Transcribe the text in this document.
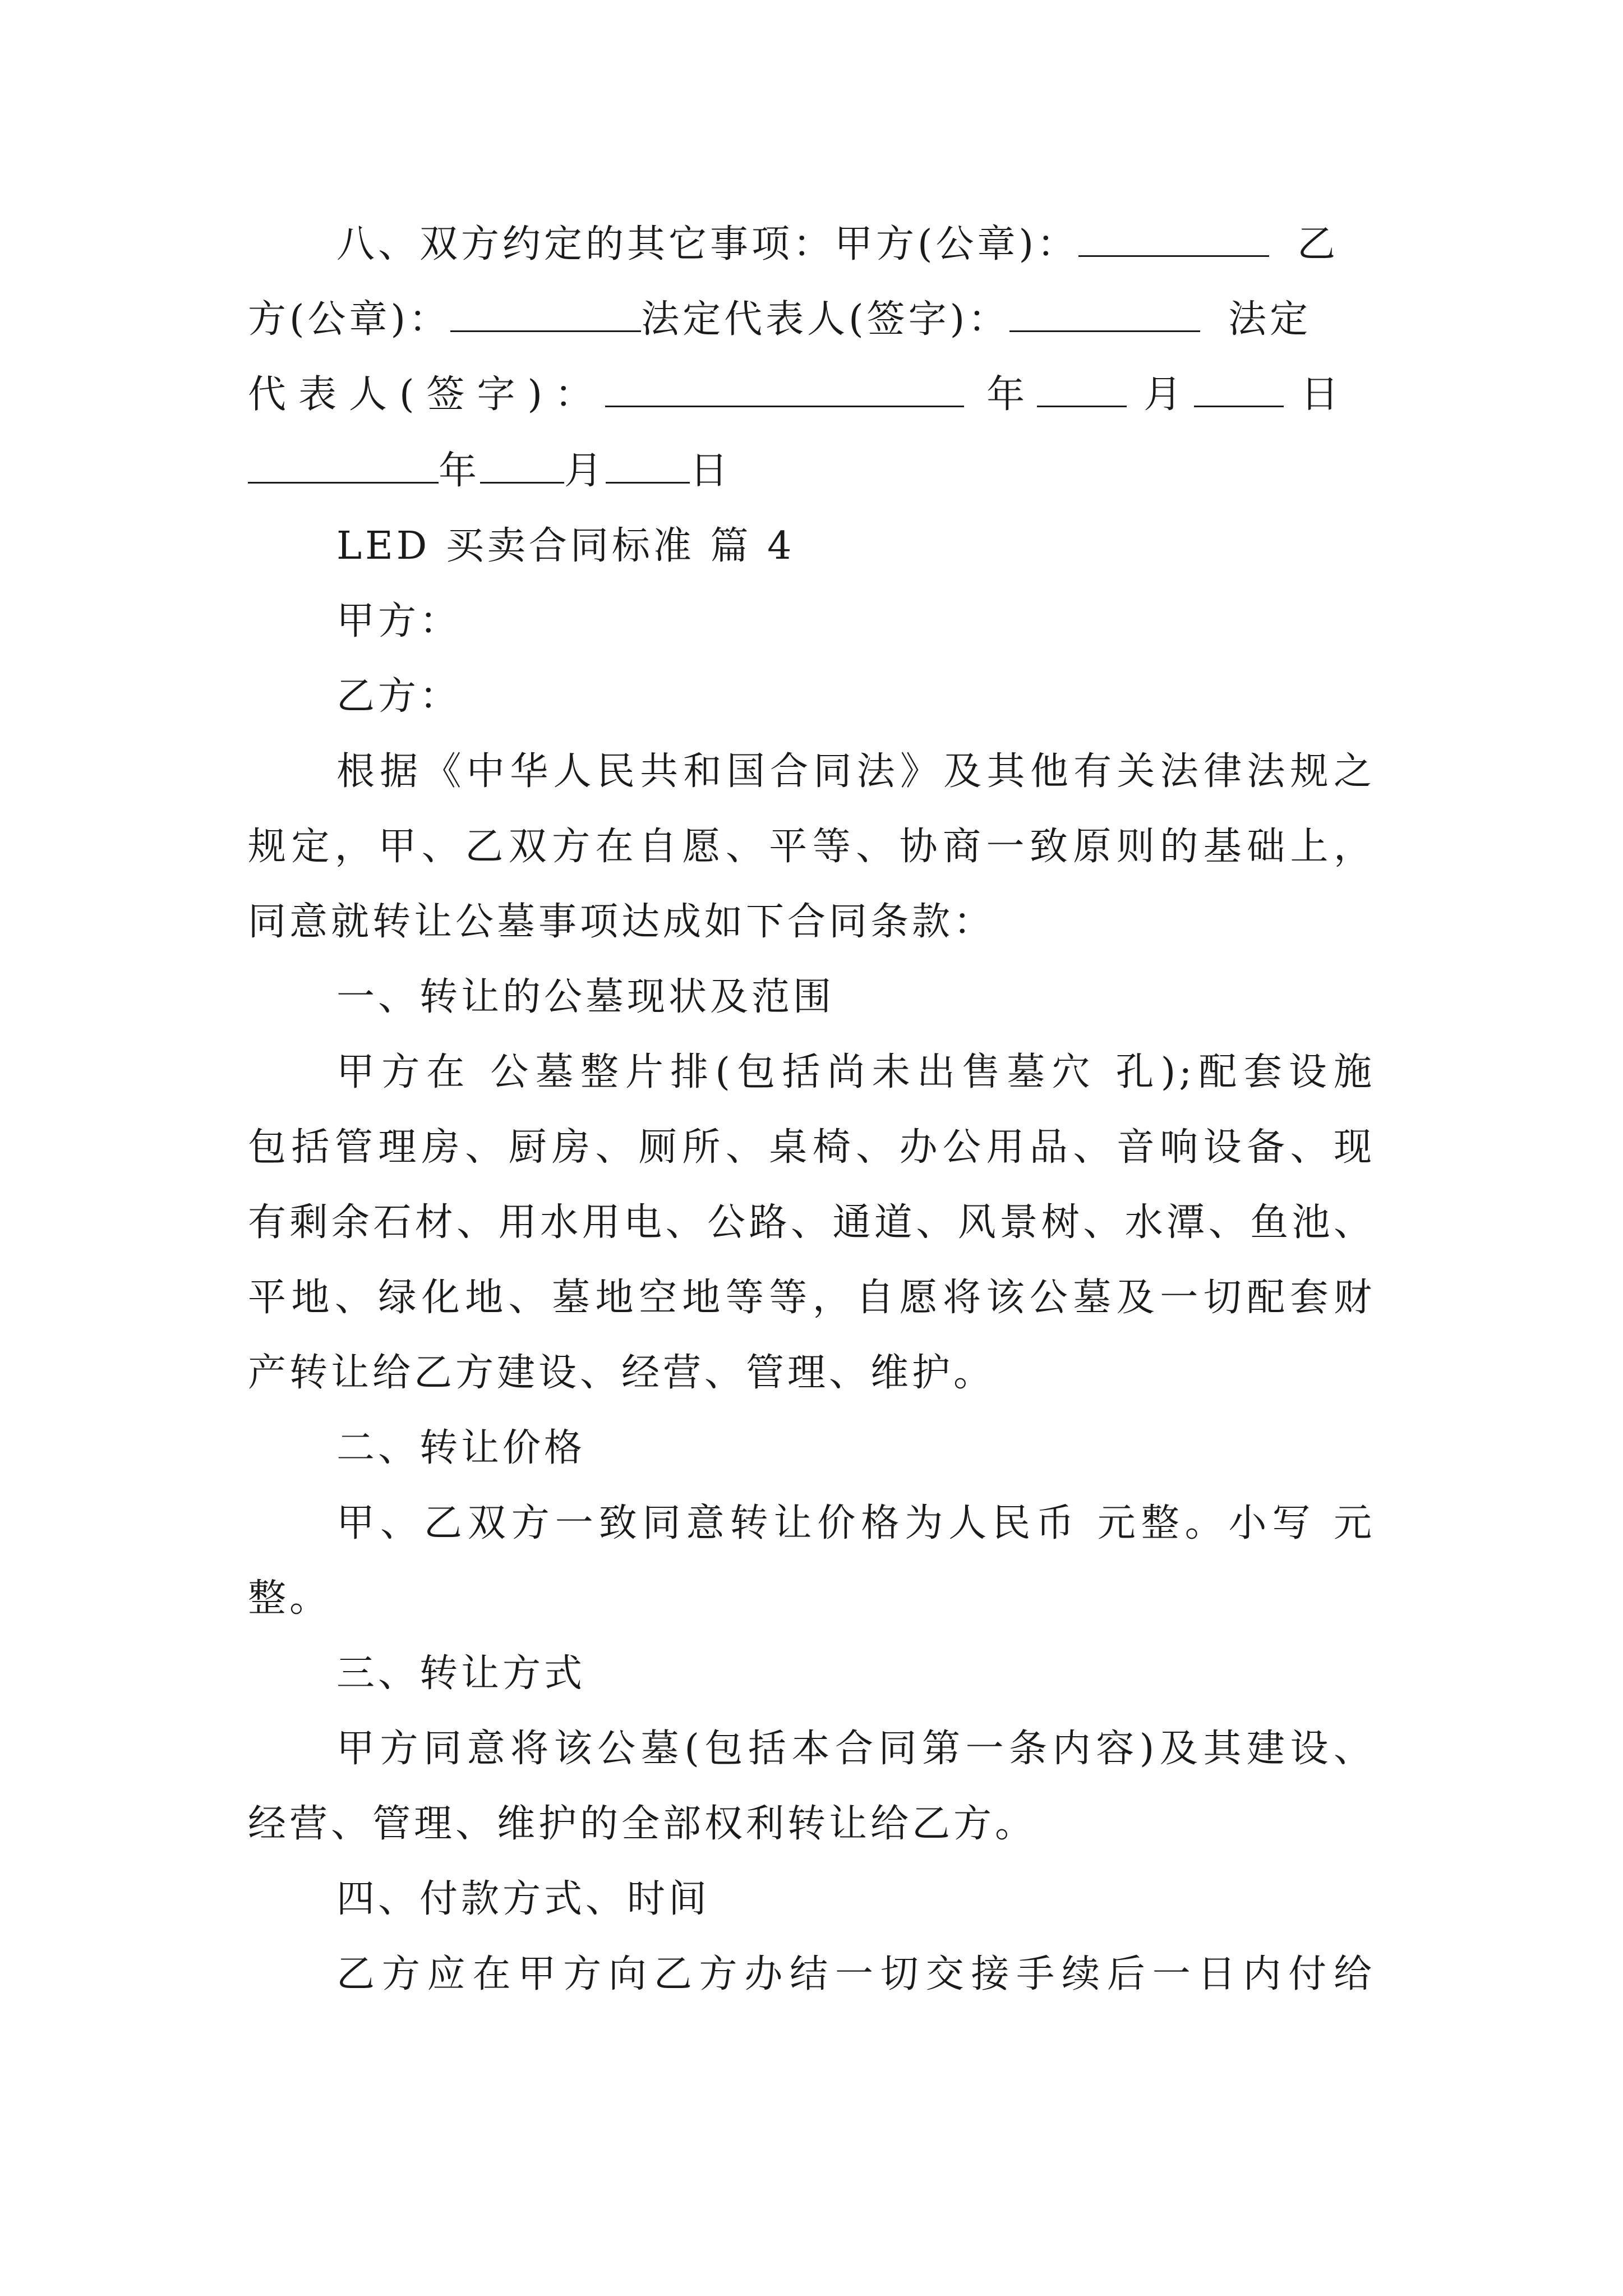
八、双方约定的其它事项：甲方(公章)：	乙
方(公章)：	法定代表人(签字)：	法定
代表人(签字)：	年	月	日
年 月 日
LED 买卖合同标准 篇 4
甲方：
乙方：
根据《中华人民共和国合同法》及其他有关法律法规之
规定，甲、乙双方在自愿、平等、协商一致原则的基础上，
同意就转让公墓事项达成如下合同条款：
一、转让的公墓现状及范围
甲方在 公墓整片排(包括尚未出售墓穴 孔);配套设施
包括管理房、厨房、厕所、桌椅、办公用品、音响设备、现
有剩余石材、用水用电、公路、通道、风景树、水潭、鱼池、
平地、绿化地、墓地空地等等，自愿将该公墓及一切配套财
产转让给乙方建设、经营、管理、维护。
二、转让价格
甲、乙双方一致同意转让价格为人民币 元整。小写 元
整。
三、转让方式
甲方同意将该公墓(包括本合同第一条内容)及其建设、
经营、管理、维护的全部权利转让给乙方。
四、付款方式、时间
乙方应在甲方向乙方办结一切交接手续后一日内付给
